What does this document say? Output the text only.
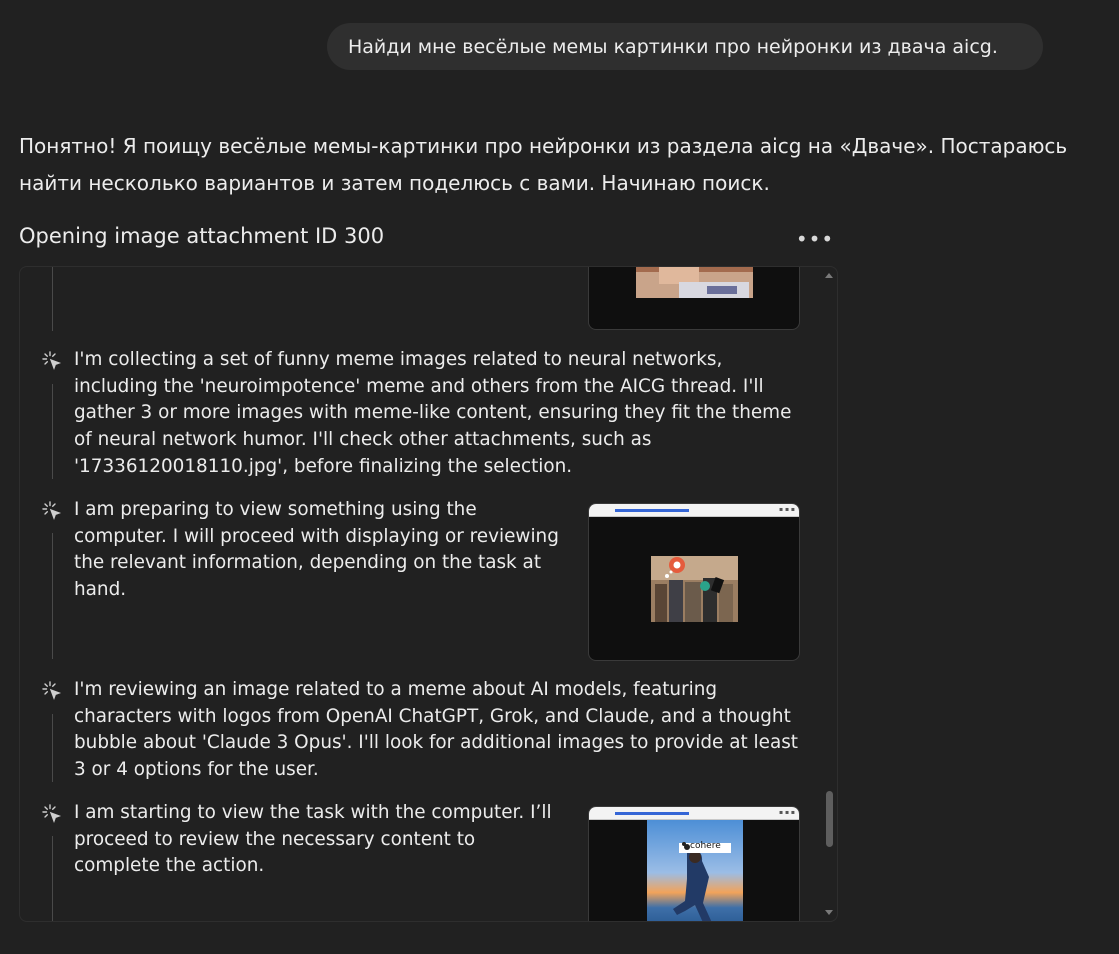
Найди мне весёлые мемы картинки про нейронки из двача aicg.
Понятно! Я поищу весёлые мемы-картинки про нейронки из раздела aicg на «Дваче». Постараюсь найти несколько вариантов и затем поделюсь с вами. Начинаю поиск.
Opening image attachment ID 300	•••
I'm collecting a set of funny meme images related to neural networks, including the 'neuroimpotence' meme and others from the AICG thread. I'll gather 3 or more images with meme-like content, ensuring they fit the theme of neural network humor. I'll check other attachments, such as '17336120018110.jpg', before finalizing the selection.
I am preparing to view something using the computer. I will proceed with displaying or reviewing the relevant information, depending on the task at hand.
▪ ▪ ▪
I'm reviewing an image related to a meme about AI models, featuring characters with logos from OpenAI ChatGPT, Grok, and Claude, and a thought bubble about 'Claude 3 Opus'. I'll look for additional images to provide at least 3 or 4 options for the user.
I am starting to view the task with the computer. I’ll proceed to review the necessary content to complete the action.
▪ ▪ ▪
cohere
